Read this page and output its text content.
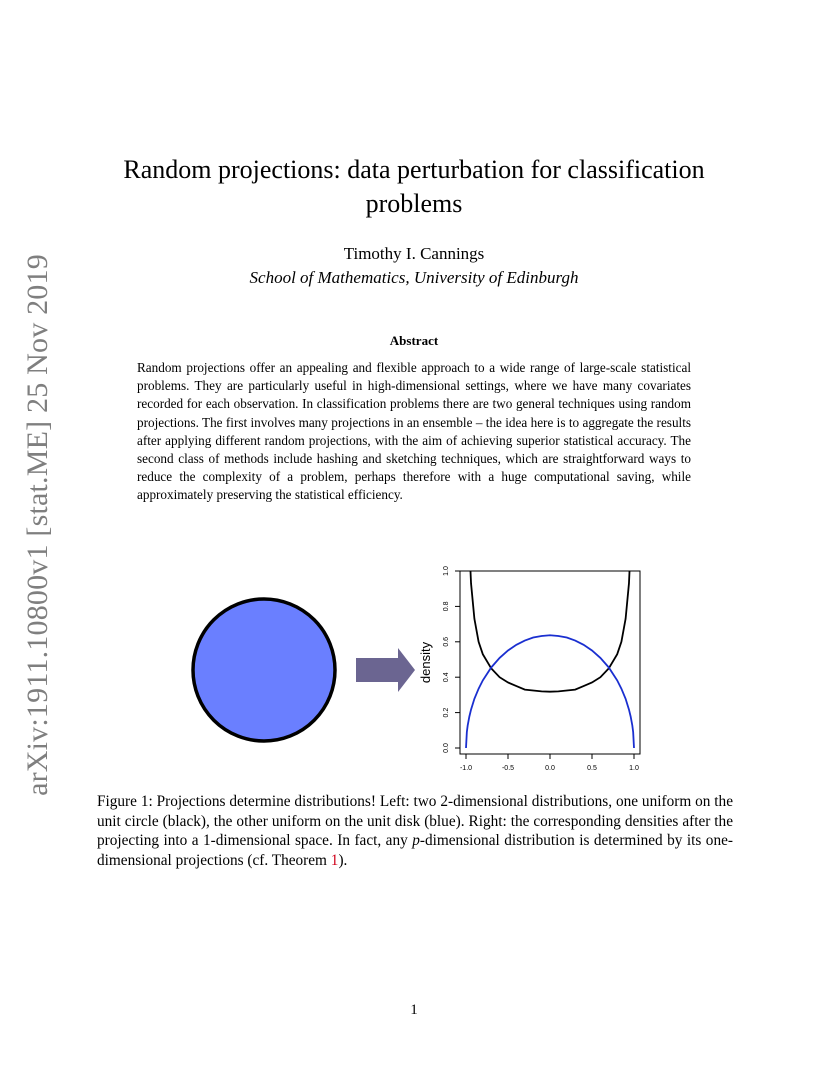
arXiv:1911.10800v1 [stat.ME] 25 Nov 2019
Random projections: data perturbation for classification
problems
Timothy I. Cannings
School of Mathematics, University of Edinburgh
Abstract
Random projections offer an appealing and flexible approach to a wide range of large-scale statistical problems. They are particularly useful in high-dimensional settings, where we have many covariates recorded for each observation. In classification problems there are two general techniques using random projections. The first involves many projections in an ensemble – the idea here is to aggregate the results after applying different random projections, with the aim of achieving superior statistical accuracy. The second class of methods include hashing and sketching techniques, which are straightforward ways to reduce the complexity of a problem, perhaps therefore with a huge computational saving, while approximately preserving the statistical efficiency.
-1.0	-0.5	0.0	0.5	1.0
0.0
0.2
0.4
0.6
0.8
1.0
density
Figure 1: Projections determine distributions! Left: two 2-dimensional distributions, one uniform on the unit circle (black), the other uniform on the unit disk (blue). Right: the corresponding densities after the projecting into a 1-dimensional space. In fact, any p-dimensional distribution is determined by its one-dimensional projections (cf. Theorem 1).
1
